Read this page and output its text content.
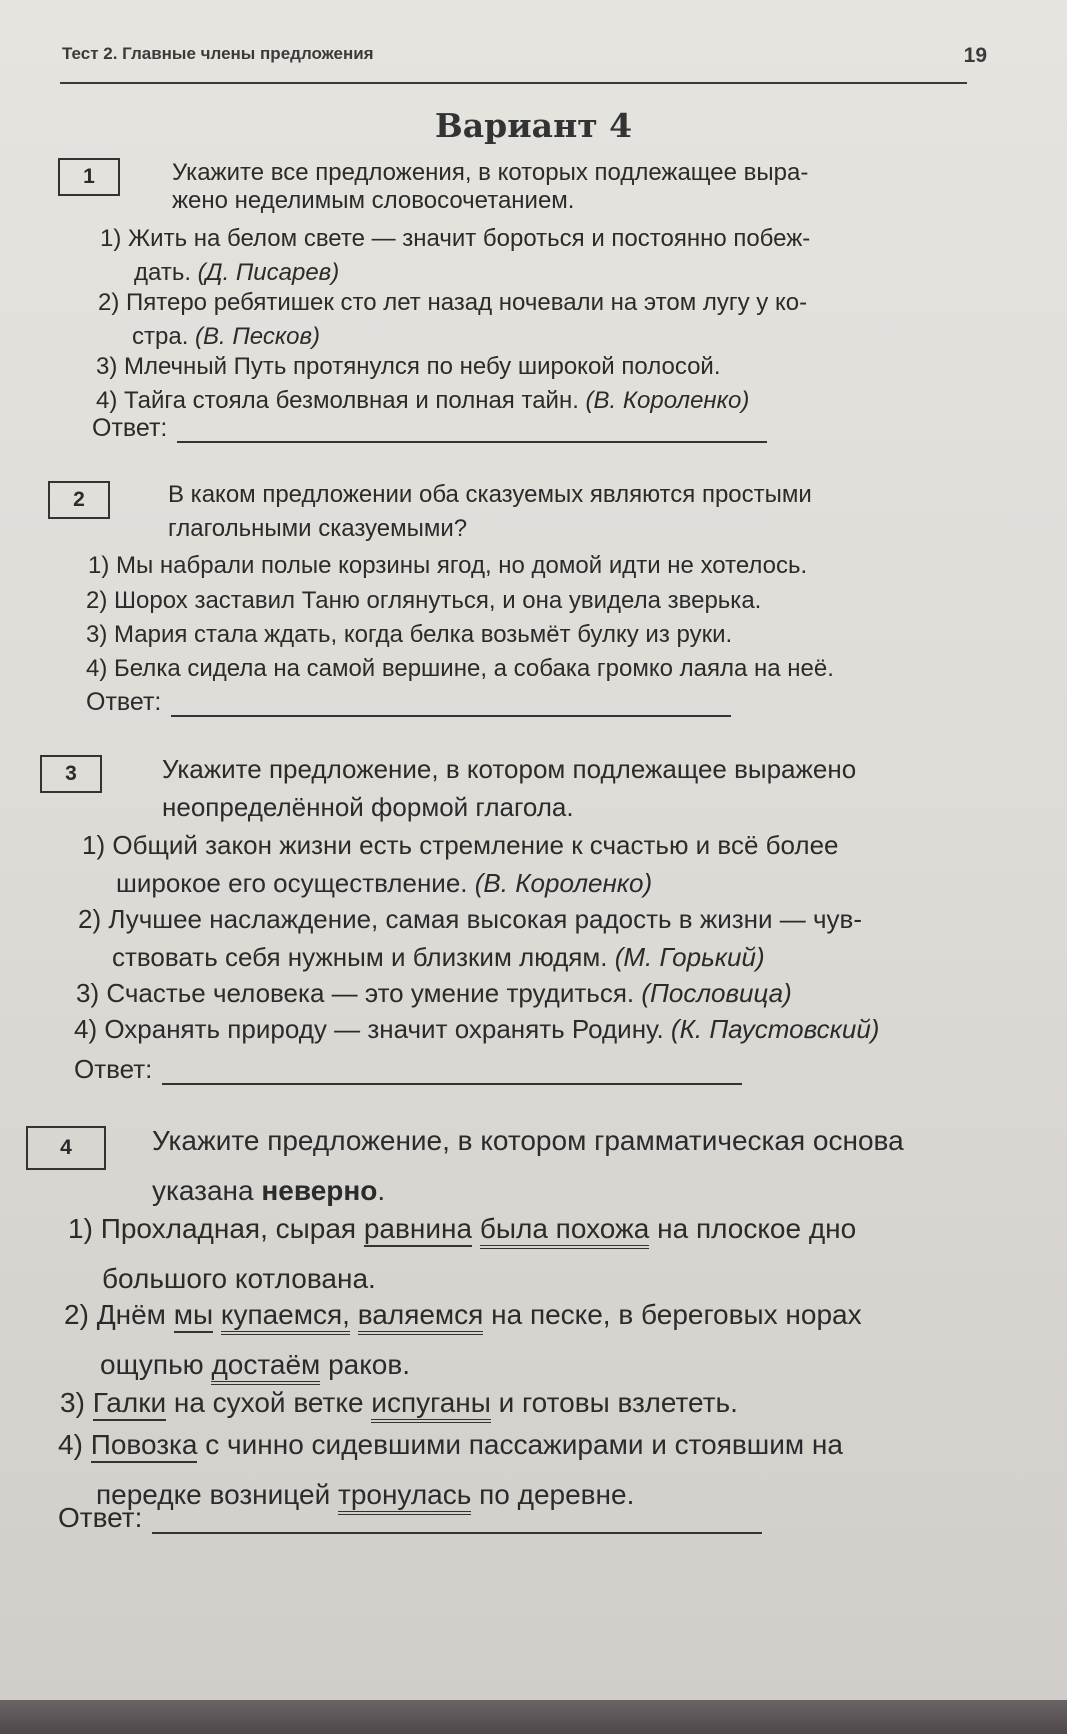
Тест 2. Главные члены предложения	19
Вариант 4
1	Укажите все предложения, в которых подлежащее выра-
жено неделимым словосочетанием.
1) Жить на белом свете — значит бороться и постоянно побеж-
дать. (Д. Писарев)
2) Пятеро ребятишек сто лет назад ночевали на этом лугу у ко-
стра. (В. Песков)
3) Млечный Путь протянулся по небу широкой полосой.
4) Тайга стояла безмолвная и полная тайн. (В. Короленко)
Ответ:
2	В каком предложении оба сказуемых являются простыми
глагольными сказуемыми?
1) Мы набрали полые корзины ягод, но домой идти не хотелось.
2) Шорох заставил Таню оглянуться, и она увидела зверька.
3) Мария стала ждать, когда белка возьмёт булку из руки.
4) Белка сидела на самой вершине, а собака громко лаяла на неё.
Ответ:
3	Укажите предложение, в котором подлежащее выражено
неопределённой формой глагола.
1) Общий закон жизни есть стремление к счастью и всё более
широкое его осуществление. (В. Короленко)
2) Лучшее наслаждение, самая высокая радость в жизни — чув-
ствовать себя нужным и близким людям. (М. Горький)
3) Счастье человека — это умение трудиться. (Пословица)
4) Охранять природу — значит охранять Родину. (К. Паустовский)
Ответ:
4	Укажите предложение, в котором грамматическая основа
указана неверно.
1) Прохладная, сырая равнина была похожа на плоское дно
большого котлована.
2) Днём мы купаемся, валяемся на песке, в береговых норах
ощупью достаём раков.
3) Галки на сухой ветке испуганы и готовы взлететь.
4) Повозка с чинно сидевшими пассажирами и стоявшим на
передке возницей тронулась по деревне.
Ответ:
